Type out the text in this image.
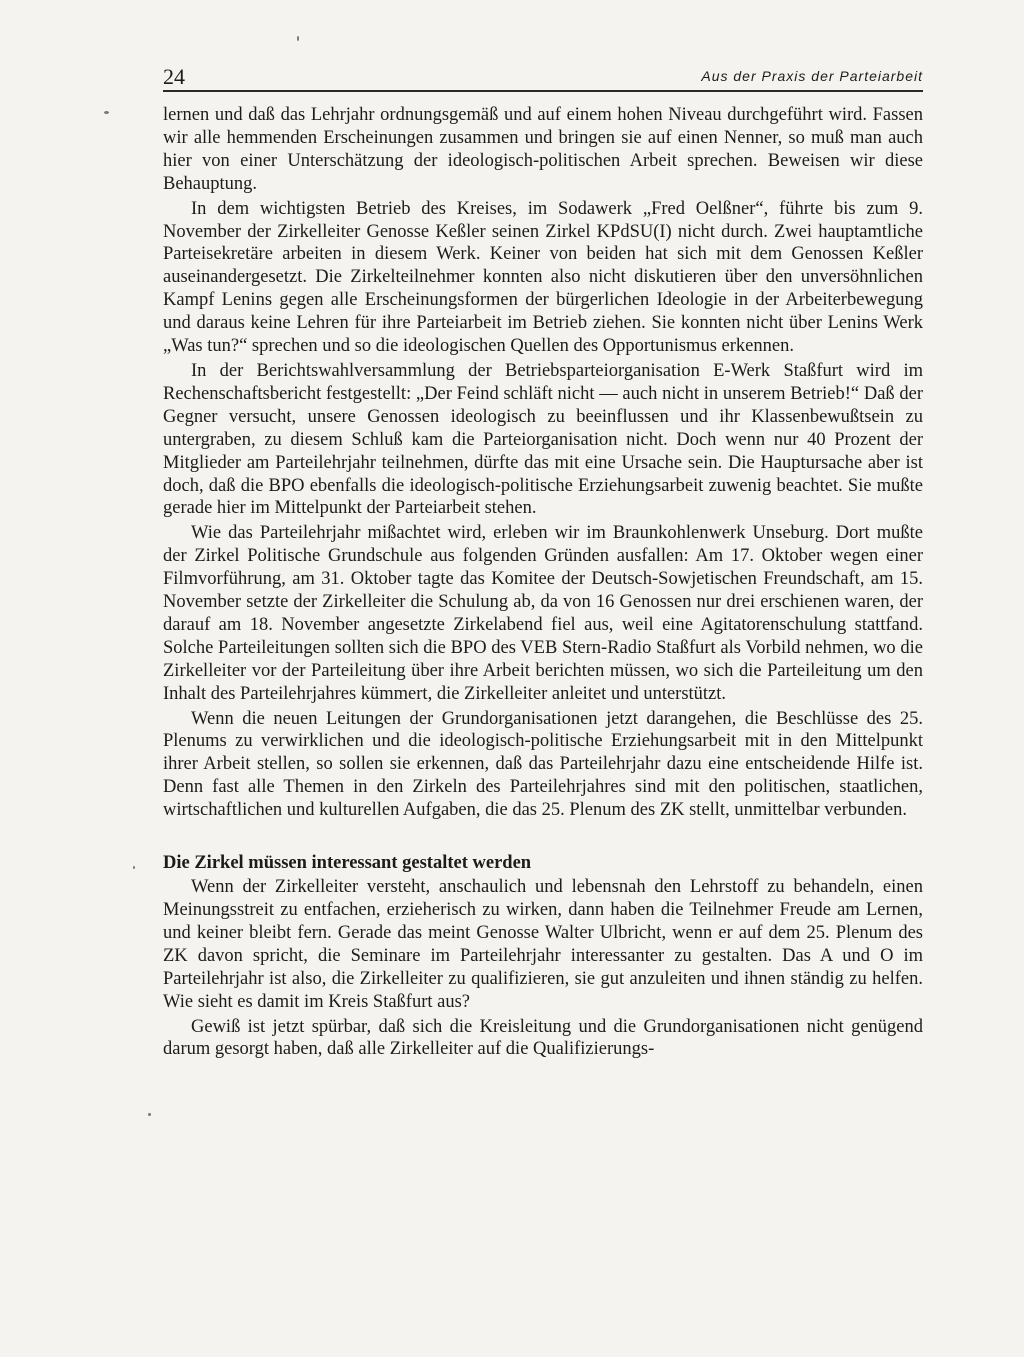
24	Aus der Praxis der Parteiarbeit

lernen und daß das Lehrjahr ordnungsgemäß und auf einem hohen Niveau durchgeführt wird. Fassen wir alle hemmenden Erscheinungen zusammen und bringen sie auf einen Nenner, so muß man auch hier von einer Unterschätzung der ideologisch-politischen Arbeit sprechen. Beweisen wir diese Behauptung.

In dem wichtigsten Betrieb des Kreises, im Sodawerk „Fred Oelßner“, führte bis zum 9. November der Zirkelleiter Genosse Keßler seinen Zirkel KPdSU(I) nicht durch. Zwei hauptamtliche Parteisekretäre arbeiten in diesem Werk. Keiner von beiden hat sich mit dem Genossen Keßler auseinandergesetzt. Die Zirkelteilnehmer konnten also nicht diskutieren über den unversöhnlichen Kampf Lenins gegen alle Erscheinungsformen der bürgerlichen Ideologie in der Arbeiterbewegung und daraus keine Lehren für ihre Parteiarbeit im Betrieb ziehen. Sie konnten nicht über Lenins Werk „Was tun?“ sprechen und so die ideologischen Quellen des Opportunismus erkennen.

In der Berichtswahlversammlung der Betriebsparteiorganisation E-Werk Staßfurt wird im Rechenschaftsbericht festgestellt: „Der Feind schläft nicht — auch nicht in unserem Betrieb!“ Daß der Gegner versucht, unsere Genossen ideologisch zu beeinflussen und ihr Klassenbewußtsein zu untergraben, zu diesem Schluß kam die Parteiorganisation nicht. Doch wenn nur 40 Prozent der Mitglieder am Parteilehrjahr teilnehmen, dürfte das mit eine Ursache sein. Die Hauptursache aber ist doch, daß die BPO ebenfalls die ideologisch-politische Erziehungsarbeit zuwenig beachtet. Sie mußte gerade hier im Mittelpunkt der Parteiarbeit stehen.

Wie das Parteilehrjahr mißachtet wird, erleben wir im Braunkohlenwerk Unseburg. Dort mußte der Zirkel Politische Grundschule aus folgenden Gründen ausfallen: Am 17. Oktober wegen einer Filmvorführung, am 31. Oktober tagte das Komitee der Deutsch-Sowjetischen Freundschaft, am 15. November setzte der Zirkelleiter die Schulung ab, da von 16 Genossen nur drei erschienen waren, der darauf am 18. November angesetzte Zirkelabend fiel aus, weil eine Agitatorenschulung stattfand. Solche Parteileitungen sollten sich die BPO des VEB Stern-Radio Staßfurt als Vorbild nehmen, wo die Zirkelleiter vor der Parteileitung über ihre Arbeit berichten müssen, wo sich die Parteileitung um den Inhalt des Parteilehrjahres kümmert, die Zirkelleiter anleitet und unterstützt.

Wenn die neuen Leitungen der Grundorganisationen jetzt darangehen, die Beschlüsse des 25. Plenums zu verwirklichen und die ideologisch-politische Erziehungsarbeit mit in den Mittelpunkt ihrer Arbeit stellen, so sollen sie erkennen, daß das Parteilehrjahr dazu eine entscheidende Hilfe ist. Denn fast alle Themen in den Zirkeln des Parteilehrjahres sind mit den politischen, staatlichen, wirtschaftlichen und kulturellen Aufgaben, die das 25. Plenum des ZK stellt, unmittelbar verbunden.

Die Zirkel müssen interessant gestaltet werden

Wenn der Zirkelleiter versteht, anschaulich und lebensnah den Lehrstoff zu behandeln, einen Meinungsstreit zu entfachen, erzieherisch zu wirken, dann haben die Teilnehmer Freude am Lernen, und keiner bleibt fern. Gerade das meint Genosse Walter Ulbricht, wenn er auf dem 25. Plenum des ZK davon spricht, die Seminare im Parteilehrjahr interessanter zu gestalten. Das A und O im Parteilehrjahr ist also, die Zirkelleiter zu qualifizieren, sie gut anzuleiten und ihnen ständig zu helfen. Wie sieht es damit im Kreis Staßfurt aus?

Gewiß ist jetzt spürbar, daß sich die Kreisleitung und die Grundorganisationen nicht genügend darum gesorgt haben, daß alle Zirkelleiter auf die Qualifizierungs-
